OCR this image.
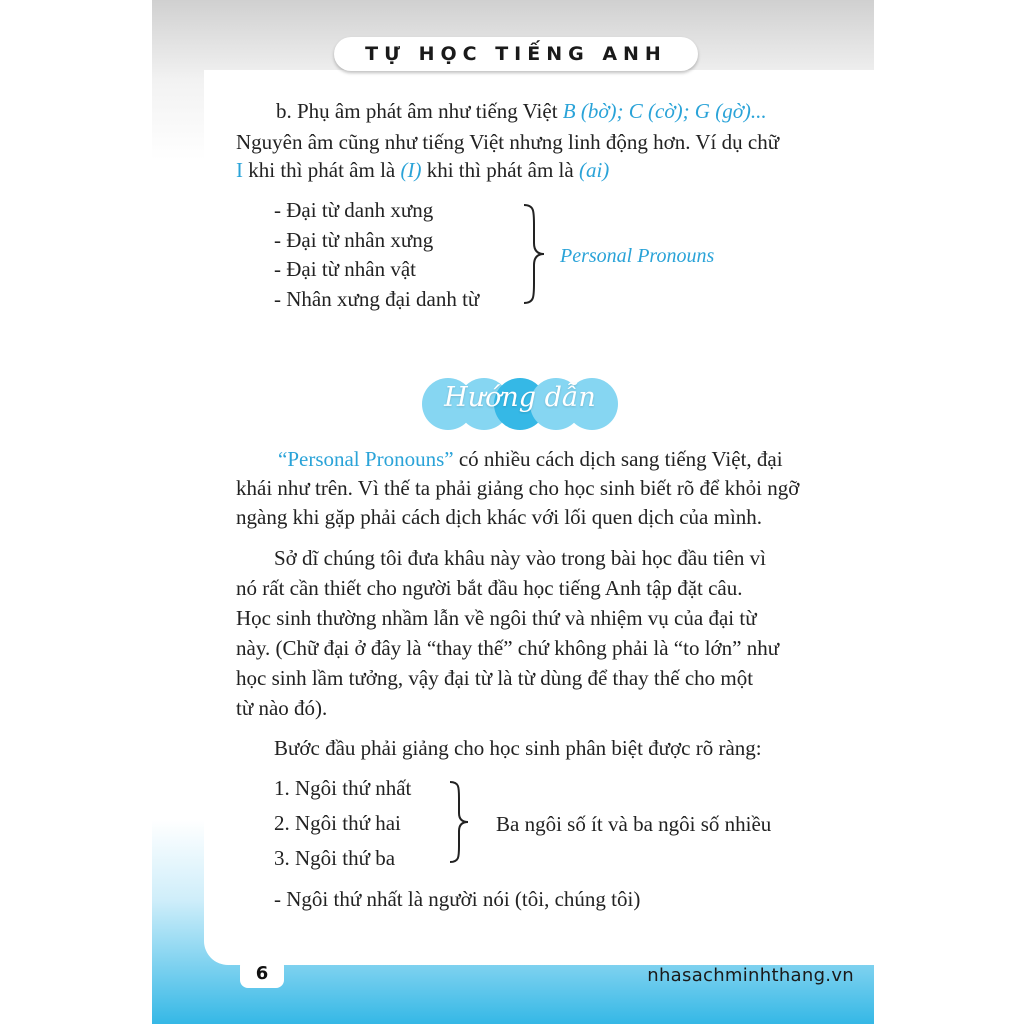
TỰ HỌC TIẾNG ANH
b. Phụ âm phát âm như tiếng Việt B (bờ); C (cờ); G (gờ)...
Nguyên âm cũng như tiếng Việt nhưng linh động hơn. Ví dụ chữ
I khi thì phát âm là (I) khi thì phát âm là (ai)
- Đại từ danh xưng
- Đại từ nhân xưng
- Đại từ nhân vật
- Nhân xưng đại danh từ
Personal Pronouns
Hướng dẫn
“Personal Pronouns” có nhiều cách dịch sang tiếng Việt, đại
khái như trên. Vì thế ta phải giảng cho học sinh biết rõ để khỏi ngỡ
ngàng khi gặp phải cách dịch khác với lối quen dịch của mình.
Sở dĩ chúng tôi đưa khâu này vào trong bài học đầu tiên vì
nó rất cần thiết cho người bắt đầu học tiếng Anh tập đặt câu.
Học sinh thường nhầm lẫn về ngôi thứ và nhiệm vụ của đại từ
này. (Chữ đại ở đây là “thay thế” chứ không phải là “to lớn” như
học sinh lầm tưởng, vậy đại từ là từ dùng để thay thế cho một
từ nào đó).
Bước đầu phải giảng cho học sinh phân biệt được rõ ràng:
1. Ngôi thứ nhất
2. Ngôi thứ hai
3. Ngôi thứ ba
Ba ngôi số ít và ba ngôi số nhiều
- Ngôi thứ nhất là người nói (tôi, chúng tôi)
6	nhasachminhthang.vn
